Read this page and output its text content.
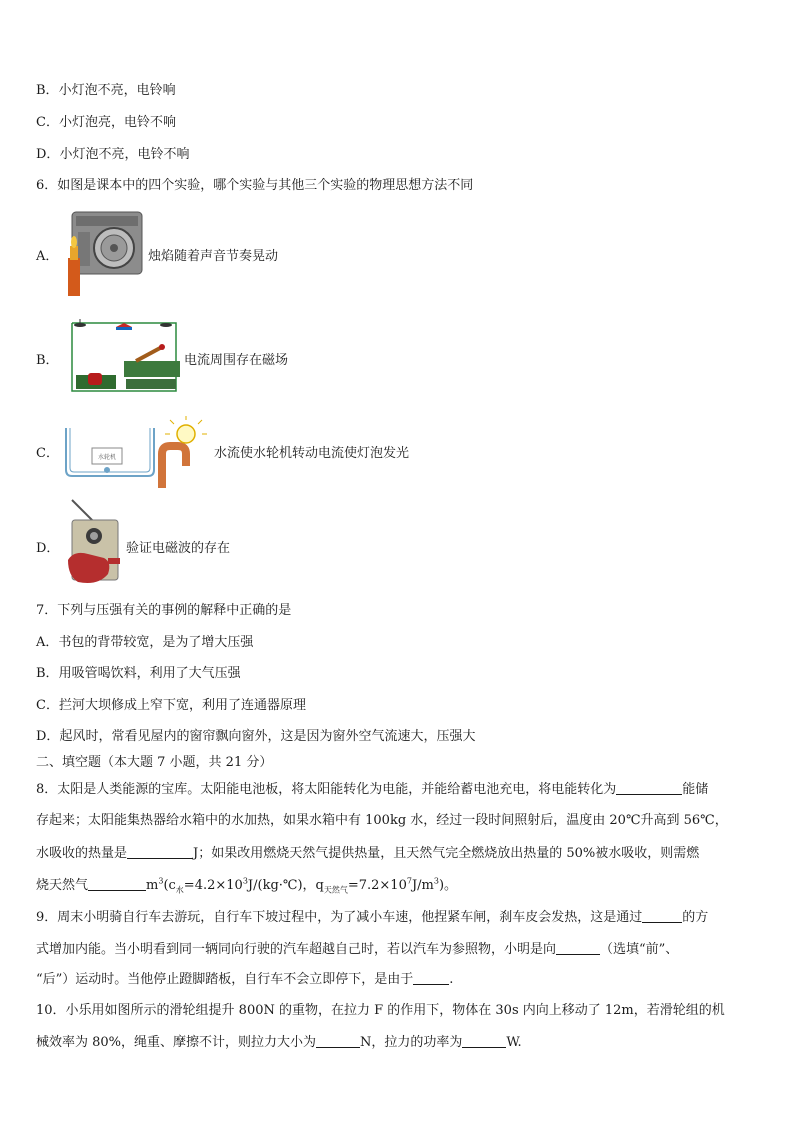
B．小灯泡不亮，电铃响
C．小灯泡亮，电铃不响
D．小灯泡不亮，电铃不响
6．如图是课本中的四个实验，哪个实验与其他三个实验的物理思想方法不同
A．	烛焰随着声音节奏晃动
B．	电流周围存在磁场
C．	水轮机	水流使水轮机转动电流使灯泡发光
D．	验证电磁波的存在
7．下列与压强有关的事例的解释中正确的是
A．书包的背带较宽，是为了增大压强
B．用吸管喝饮料，利用了大气压强
C．拦河大坝修成上窄下宽，利用了连通器原理
D．起风时，常看见屋内的窗帘飘向窗外，这是因为窗外空气流速大，压强大
二、填空题（本大题 7 小题，共 21 分）
8．太阳是人类能源的宝库。太阳能电池板，将太阳能转化为电能，并能给蓄电池充电，将电能转化为	能储
存起来；太阳能集热器给水箱中的水加热，如果水箱中有 100kg 水，经过一段时间照射后，温度由 20℃升高到 56℃，
水吸收的热量是	J；如果改用燃烧天然气提供热量，且天然气完全燃烧放出热量的 50%被水吸收，则需燃
烧天然气	$m^3(c_水=4.2\times 10^3J/(kg\cdot℃)$，$q_{天然气}=7.2\times 10^7J/m^3$)。
9．周末小明骑自行车去游玩，自行车下坡过程中，为了减小车速，他捏紧车闸，刹车皮会发热，这是通过	的方
式增加内能。当小明看到同一辆同向行驶的汽车超越自己时，若以汽车为参照物，小明是向	（选填“前”、
“后”）运动时。当他停止蹬脚踏板，自行车不会立即停下，是由于	.
10．小乐用如图所示的滑轮组提升 800N 的重物，在拉力 F 的作用下，物体在 30s 内向上移动了 12m，若滑轮组的机
械效率为 80%，绳重、摩擦不计，则拉力大小为	N，拉力的功率为	W.
